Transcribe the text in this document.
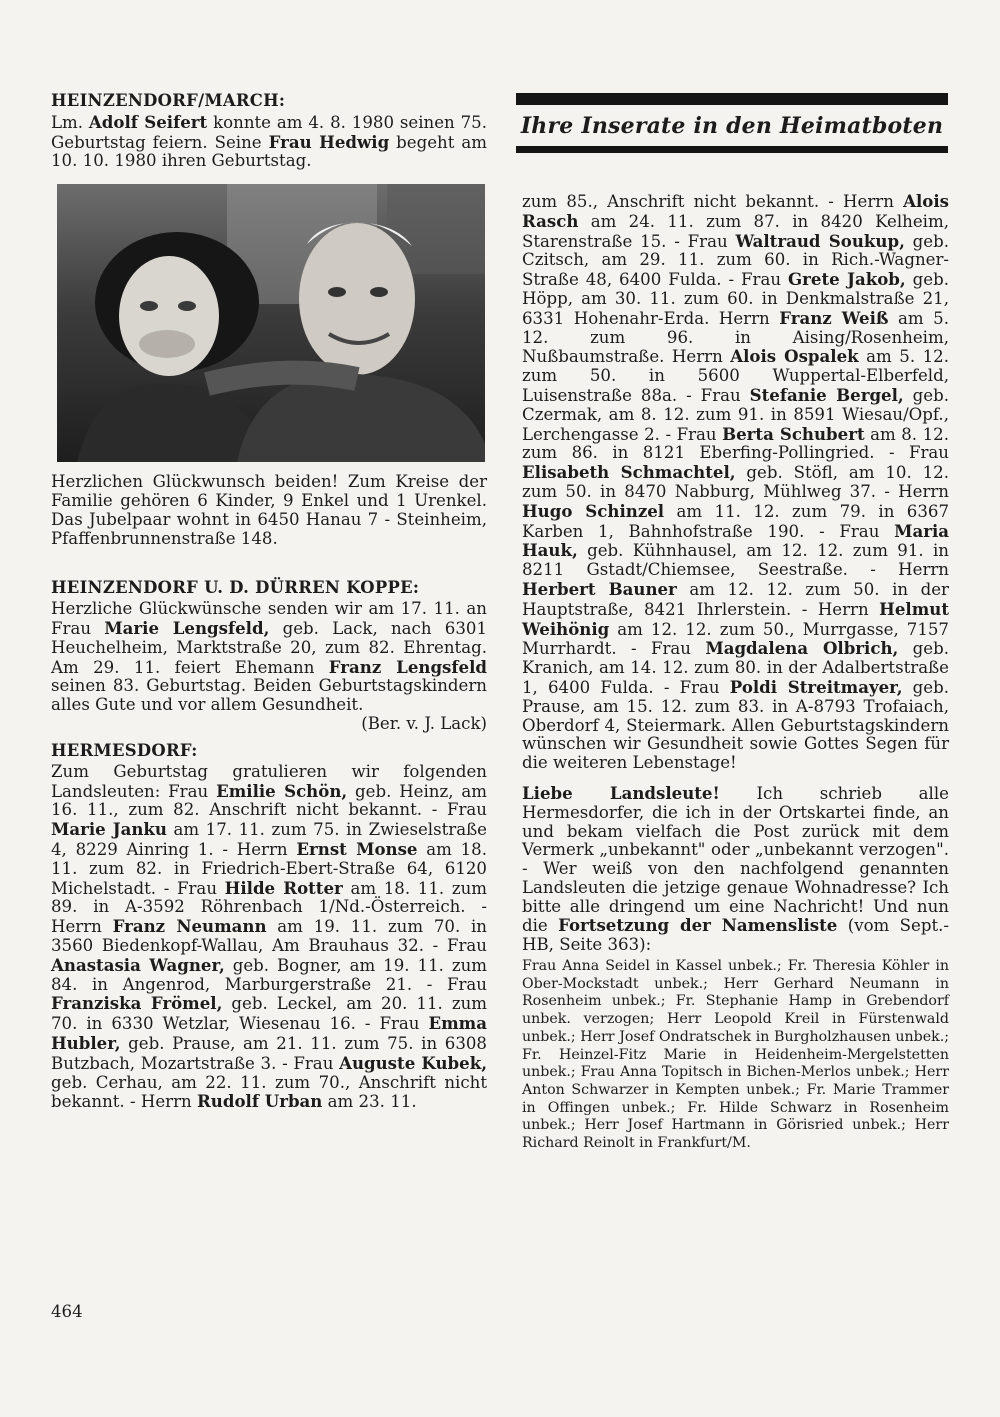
HEINZENDORF/MARCH:

Lm. Adolf Seifert konnte am 4. 8. 1980 seinen 75. Geburtstag feiern. Seine Frau Hedwig begeht am 10. 10. 1980 ihren Geburtstag.

Herzlichen Glückwunsch beiden! Zum Kreise der Familie gehören 6 Kinder, 9 Enkel und 1 Urenkel. Das Jubelpaar wohnt in 6450 Hanau 7 - Steinheim, Pfaffenbrunnenstraße 148.

HEINZENDORF U. D. DÜRREN KOPPE:

Herzliche Glückwünsche senden wir am 17. 11. an Frau Marie Lengsfeld, geb. Lack, nach 6301 Heuchelheim, Marktstraße 20, zum 82. Ehrentag. Am 29. 11. feiert Ehemann Franz Lengsfeld seinen 83. Geburtstag. Beiden Geburtstagskindern alles Gute und vor allem Gesundheit.
(Ber. v. J. Lack)

HERMESDORF:

Zum Geburtstag gratulieren wir folgenden Landsleuten: Frau Emilie Schön, geb. Heinz, am 16. 11., zum 82. Anschrift nicht bekannt. - Frau Marie Janku am 17. 11. zum 75. in Zwieselstraße 4, 8229 Ainring 1. - Herrn Ernst Monse am 18. 11. zum 82. in Friedrich-Ebert-Straße 64, 6120 Michelstadt. - Frau Hilde Rotter am 18. 11. zum 89. in A-3592 Röhrenbach 1/Nd.-Österreich. - Herrn Franz Neumann am 19. 11. zum 70. in 3560 Biedenkopf-Wallau, Am Brauhaus 32. - Frau Anastasia Wagner, geb. Bogner, am 19. 11. zum 84. in Angenrod, Marburgerstraße 21. - Frau Franziska Frömel, geb. Leckel, am 20. 11. zum 70. in 6330 Wetzlar, Wiesenau 16. - Frau Emma Hubler, geb. Prause, am 21. 11. zum 75. in 6308 Butzbach, Mozartstraße 3. - Frau Auguste Kubek, geb. Cerhau, am 22. 11. zum 70., Anschrift nicht bekannt. - Herrn Rudolf Urban am 23. 11.

Ihre Inserate in den Heimatboten

zum 85., Anschrift nicht bekannt. - Herrn Alois Rasch am 24. 11. zum 87. in 8420 Kelheim, Starenstraße 15. - Frau Waltraud Soukup, geb. Czitsch, am 29. 11. zum 60. in Rich.-Wagner-Straße 48, 6400 Fulda. - Frau Grete Jakob, geb. Höpp, am 30. 11. zum 60. in Denkmalstraße 21, 6331 Hohenahr-Erda. Herrn Franz Weiß am 5. 12. zum 96. in Aising/Rosenheim, Nußbaumstraße. Herrn Alois Ospalek am 5. 12. zum 50. in 5600 Wuppertal-Elberfeld, Luisenstraße 88a. - Frau Stefanie Bergel, geb. Czermak, am 8. 12. zum 91. in 8591 Wiesau/Opf., Lerchengasse 2. - Frau Berta Schubert am 8. 12. zum 86. in 8121 Eberfing-Pollingried. - Frau Elisabeth Schmachtel, geb. Stöfl, am 10. 12. zum 50. in 8470 Nabburg, Mühlweg 37. - Herrn Hugo Schinzel am 11. 12. zum 79. in 6367 Karben 1, Bahnhofstraße 190. - Frau Maria Hauk, geb. Kühnhausel, am 12. 12. zum 91. in 8211 Gstadt/Chiemsee, Seestraße. - Herrn Herbert Bauner am 12. 12. zum 50. in der Hauptstraße, 8421 Ihrlerstein. - Herrn Helmut Weihönig am 12. 12. zum 50., Murrgasse, 7157 Murrhardt. - Frau Magdalena Olbrich, geb. Kranich, am 14. 12. zum 80. in der Adalbertstraße 1, 6400 Fulda. - Frau Poldi Streitmayer, geb. Prause, am 15. 12. zum 83. in A-8793 Trofaiach, Oberdorf 4, Steiermark. Allen Geburtstagskindern wünschen wir Gesundheit sowie Gottes Segen für die weiteren Lebenstage!

Liebe Landsleute! Ich schrieb alle Hermesdorfer, die ich in der Ortskartei finde, an und bekam vielfach die Post zurück mit dem Vermerk „unbekannt" oder „unbekannt verzogen". - Wer weiß von den nachfolgend genannten Landsleuten die jetzige genaue Wohnadresse? Ich bitte alle dringend um eine Nachricht! Und nun die Fortsetzung der Namensliste (vom Sept.-HB, Seite 363):

Frau Anna Seidel in Kassel unbek.; Fr. Theresia Köhler in Ober-Mockstadt unbek.; Herr Gerhard Neumann in Rosenheim unbek.; Fr. Stephanie Hamp in Grebendorf unbek. verzogen; Herr Leopold Kreil in Fürstenwald unbek.; Herr Josef Ondratschek in Burgholzhausen unbek.; Fr. Heinzel-Fitz Marie in Heidenheim-Mergelstetten unbek.; Frau Anna Topitsch in Bichen-Merlos unbek.; Herr Anton Schwarzer in Kempten unbek.; Fr. Marie Trammer in Offingen unbek.; Fr. Hilde Schwarz in Rosenheim unbek.; Herr Josef Hartmann in Görisried unbek.; Herr Richard Reinolt in Frankfurt/M.

464
